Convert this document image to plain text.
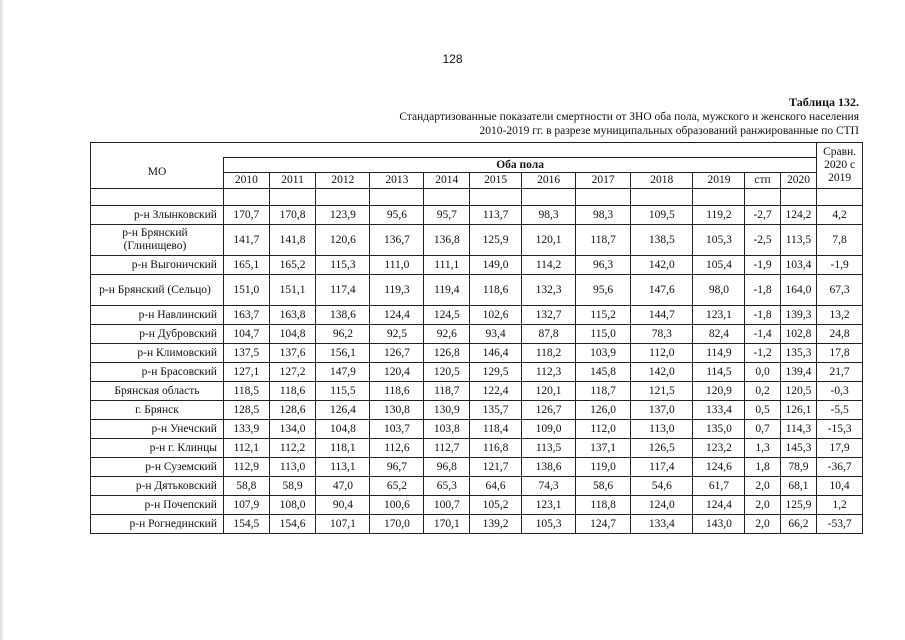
128
Таблица 132.
Стандартизованные показатели смертности от ЗНО оба пола, мужского и женского населения
2010-2019 гг. в разрезе муниципальных образований ранжированные по СТП

													Сравн. 2020 с 2019

МО	Оба пола												
	2010	2011	2012	2013	2014	2015	2016	2017	2018	2019	стп	2020	

р-н Злынковский	170,7	170,8	123,9	95,6	95,7	113,7	98,3	98,3	109,5	119,2	-2,7	124,2	4,2
р-н Брянский (Глинищево)	141,7	141,8	120,6	136,7	136,8	125,9	120,1	118,7	138,5	105,3	-2,5	113,5	7,8
р-н Выгоничский	165,1	165,2	115,3	111,0	111,1	149,0	114,2	96,3	142,0	105,4	-1,9	103,4	-1,9
р-н Брянский (Сельцо)	151,0	151,1	117,4	119,3	119,4	118,6	132,3	95,6	147,6	98,0	-1,8	164,0	67,3
р-н Навлинский	163,7	163,8	138,6	124,4	124,5	102,6	132,7	115,2	144,7	123,1	-1,8	139,3	13,2
р-н Дубровский	104,7	104,8	96,2	92,5	92,6	93,4	87,8	115,0	78,3	82,4	-1,4	102,8	24,8
р-н Климовский	137,5	137,6	156,1	126,7	126,8	146,4	118,2	103,9	112,0	114,9	-1,2	135,3	17,8
р-н Брасовский	127,1	127,2	147,9	120,4	120,5	129,5	112,3	145,8	142,0	114,5	0,0	139,4	21,7
Брянская область	118,5	118,6	115,5	118,6	118,7	122,4	120,1	118,7	121,5	120,9	0,2	120,5	-0,3
г. Брянск	128,5	128,6	126,4	130,8	130,9	135,7	126,7	126,0	137,0	133,4	0,5	126,1	-5,5
р-н Унечский	133,9	134,0	104,8	103,7	103,8	118,4	109,0	112,0	113,0	135,0	0,7	114,3	-15,3
р-н г. Клинцы	112,1	112,2	118,1	112,6	112,7	116,8	113,5	137,1	126,5	123,2	1,3	145,3	17,9
р-н Суземский	112,9	113,0	113,1	96,7	96,8	121,7	138,6	119,0	117,4	124,6	1,8	78,9	-36,7
р-н Дятьковский	58,8	58,9	47,0	65,2	65,3	64,6	74,3	58,6	54,6	61,7	2,0	68,1	10,4
р-н Почепский	107,9	108,0	90,4	100,6	100,7	105,2	123,1	118,8	124,0	124,4	2,0	125,9	1,2
р-н Рогнединский	154,5	154,6	107,1	170,0	170,1	139,2	105,3	124,7	133,4	143,0	2,0	66,2	-53,7
